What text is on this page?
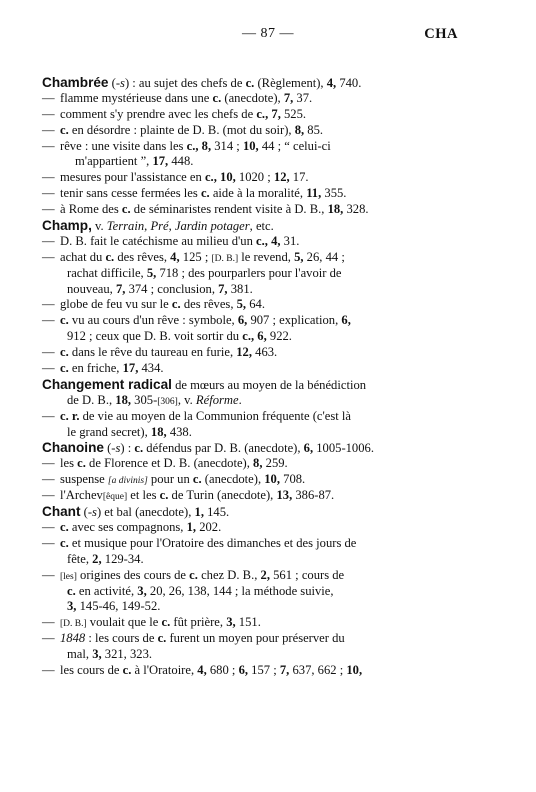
— 87 —	CHA
Chambrée (-s) : au sujet des chefs de c. (Règlement), 4, 740.
— flamme mystérieuse dans une c. (anecdote), 7, 37.
— comment s'y prendre avec les chefs de c., 7, 525.
— c. en désordre : plainte de D. B. (mot du soir), 8, 85.
— rêve : une visite dans les c., 8, 314 ; 10, 44 ; “ celui-ci
m'appartient ”, 17, 448.
— mesures pour l'assistance en c., 10, 1020 ; 12, 17.
— tenir sans cesse fermées les c. aide à la moralité, 11, 355.
— à Rome des c. de séminaristes rendent visite à D. B., 18, 328.
Champ, v. Terrain, Pré, Jardin potager, etc.
— D. B. fait le catéchisme au milieu d'un c., 4, 31.
— achat du c. des rêves, 4, 125 ; [D. B.] le revend, 5, 26, 44 ;
rachat difficile, 5, 718 ; des pourparlers pour l'avoir de
nouveau, 7, 374 ; conclusion, 7, 381.
— globe de feu vu sur le c. des rêves, 5, 64.
— c. vu au cours d'un rêve : symbole, 6, 907 ; explication, 6,
912 ; ceux que D. B. voit sortir du c., 6, 922.
— c. dans le rêve du taureau en furie, 12, 463.
— c. en friche, 17, 434.
Changement radical de mœurs au moyen de la bénédiction
de D. B., 18, 305-[306], v. Réforme.
— c. r. de vie au moyen de la Communion fréquente (c'est là
le grand secret), 18, 438.
Chanoine (-s) : c. défendus par D. B. (anecdote), 6, 1005-1006.
— les c. de Florence et D. B. (anecdote), 8, 259.
— suspense [a divinis] pour un c. (anecdote), 10, 708.
— l'Archev[êque] et les c. de Turin (anecdote), 13, 386-87.
Chant (-s) et bal (anecdote), 1, 145.
— c. avec ses compagnons, 1, 202.
— c. et musique pour l'Oratoire des dimanches et des jours de
fête, 2, 129-34.
— [les] origines des cours de c. chez D. B., 2, 561 ; cours de
c. en activité, 3, 20, 26, 138, 144 ; la méthode suivie,
3, 145-46, 149-52.
— [D. B.] voulait que le c. fût prière, 3, 151.
— 1848 : les cours de c. furent un moyen pour préserver du
mal, 3, 321, 323.
— les cours de c. à l'Oratoire, 4, 680 ; 6, 157 ; 7, 637, 662 ; 10,
